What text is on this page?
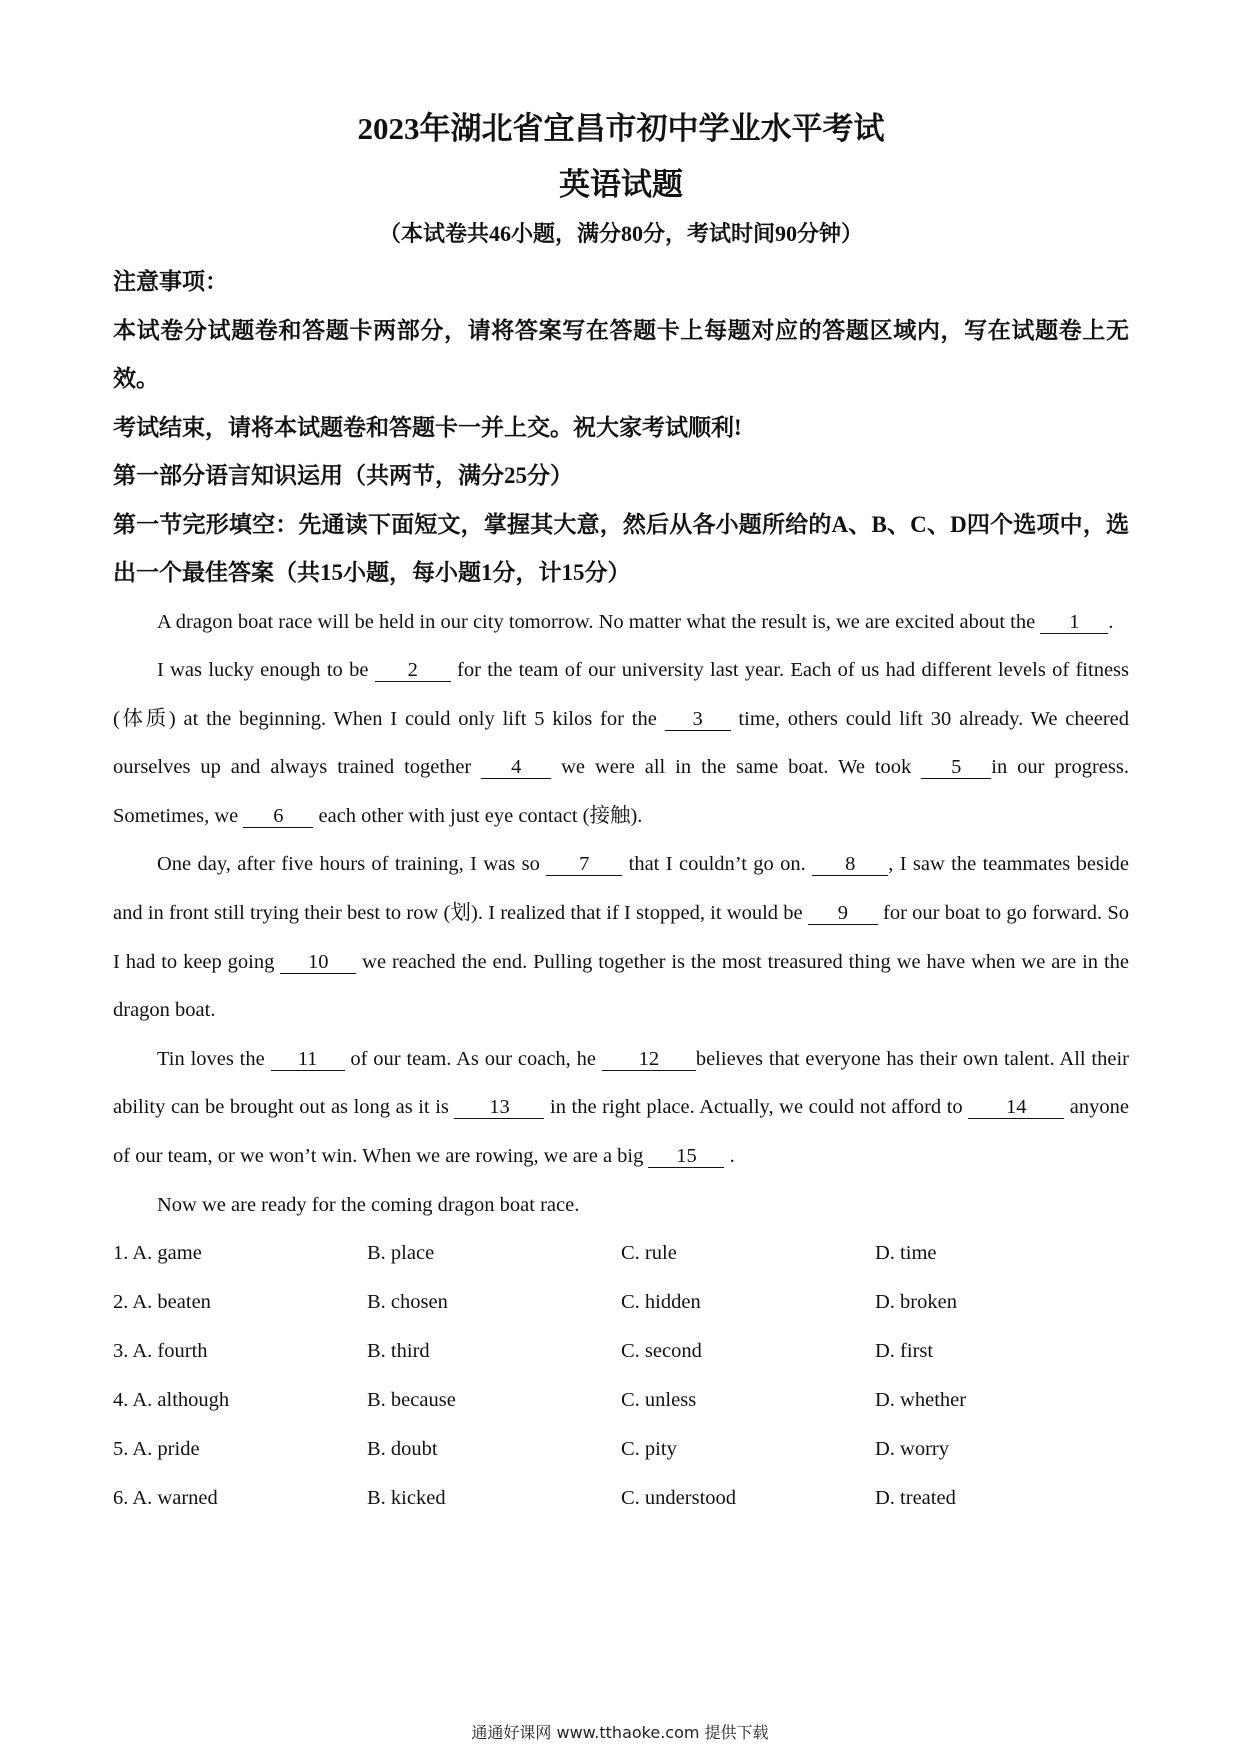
2023年湖北省宜昌市初中学业水平考试
英语试题

（本试卷共46小题，满分80分，考试时间90分钟）

注意事项：

本试卷分试题卷和答题卡两部分，请将答案写在答题卡上每题对应的答题区域内，写在试题卷上无效。

考试结束，请将本试题卷和答题卡一并上交。祝大家考试顺利!

第一部分语言知识运用（共两节，满分25分）

第一节完形填空：先通读下面短文，掌握其大意，然后从各小题所给的A、B、C、D四个选项中，选出一个最佳答案（共15小题，每小题1分，计15分）

A dragon boat race will be held in our city tomorrow. No matter what the result is, we are excited about the 1 .

I was lucky enough to be 2 for the team of our university last year. Each of us had different levels of fitness (体质) at the beginning. When I could only lift 5 kilos for the 3 time, others could lift 30 already. We cheered ourselves up and always trained together 4 we were all in the same boat. We took 5 in our progress. Sometimes, we 6 each other with just eye contact (接触).

One day, after five hours of training, I was so 7 that I couldn’t go on. 8 , I saw the teammates beside and in front still trying their best to row (划). I realized that if I stopped, it would be 9 for our boat to go forward. So I had to keep going 10 we reached the end. Pulling together is the most treasured thing we have when we are in the dragon boat.

Tin loves the 11 of our team. As our coach, he 12 believes that everyone has their own talent. All their ability can be brought out as long as it is 13 in the right place. Actually, we could not afford to 14 anyone of our team, or we won’t win. When we are rowing, we are a big 15 .

Now we are ready for the coming dragon boat race.

1. A. game	B. place	C. rule	D. time
2. A. beaten	B. chosen	C. hidden	D. broken
3. A. fourth	B. third	C. second	D. first
4. A. although	B. because	C. unless	D. whether
5. A. pride	B. doubt	C. pity	D. worry
6. A. warned	B. kicked	C. understood	D. treated
通通好课网 www.tthaoke.com 提供下载
